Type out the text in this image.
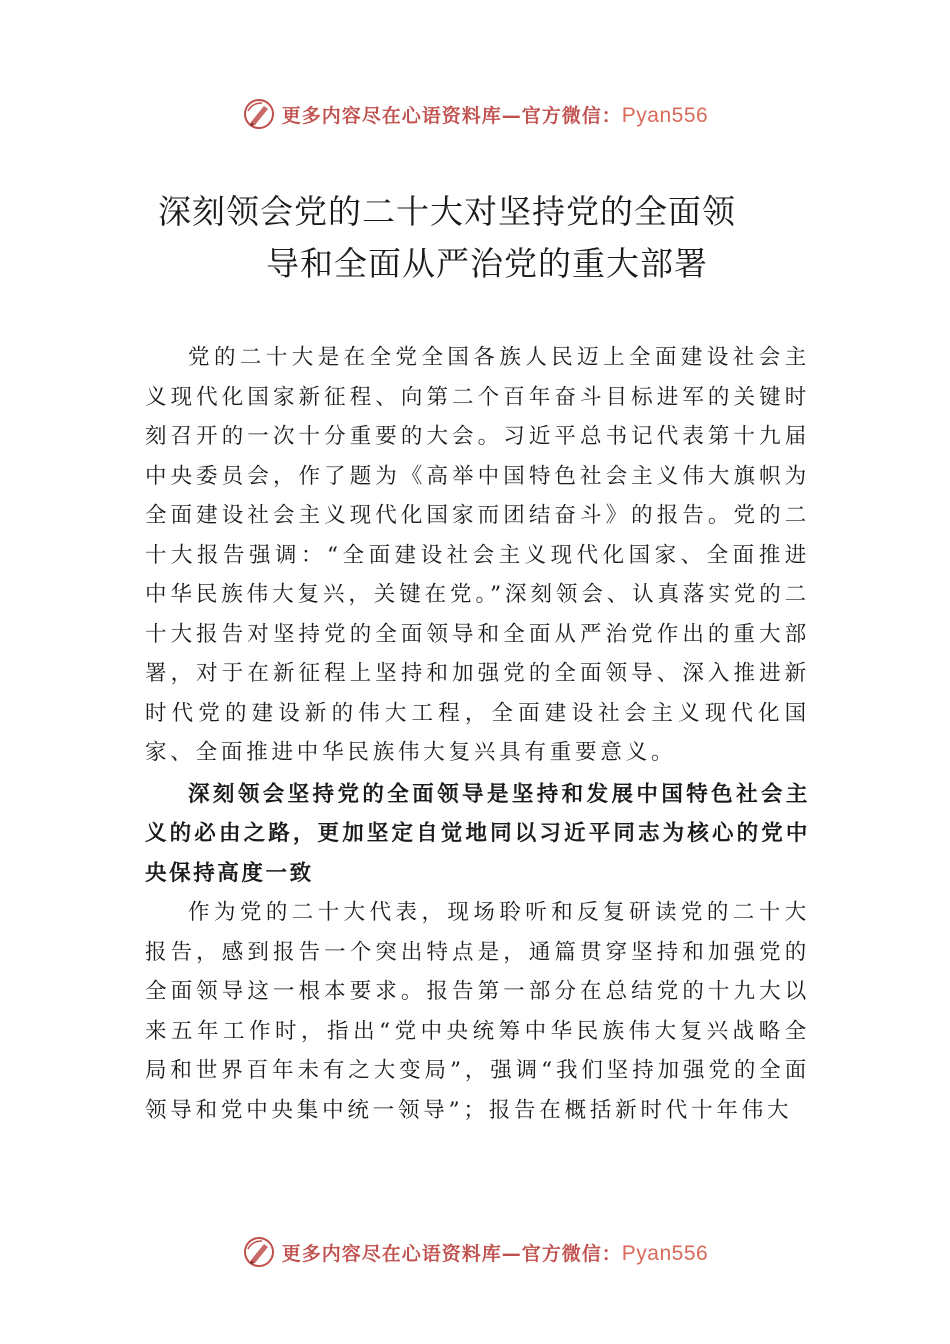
更多内容尽在心语资料库—官方微信：Pyan556
深刻领会党的二十大对坚持党的全面领
导和全面从严治党的重大部署

党的二十大是在全党全国各族人民迈上全面建设社会主义现代化国家新征程、向第二个百年奋斗目标进军的关键时刻召开的一次十分重要的大会。习近平总书记代表第十九届中央委员会，作了题为《高举中国特色社会主义伟大旗帜为全面建设社会主义现代化国家而团结奋斗》的报告。党的二十大报告强调：“全面建设社会主义现代化国家、全面推进中华民族伟大复兴，关键在党。”深刻领会、认真落实党的二十大报告对坚持党的全面领导和全面从严治党作出的重大部署，对于在新征程上坚持和加强党的全面领导、深入推进新时代党的建设新的伟大工程，全面建设社会主义现代化国家、全面推进中华民族伟大复兴具有重要意义。

深刻领会坚持党的全面领导是坚持和发展中国特色社会主义的必由之路，更加坚定自觉地同以习近平同志为核心的党中央保持高度一致

作为党的二十大代表，现场聆听和反复研读党的二十大报告，感到报告一个突出特点是，通篇贯穿坚持和加强党的全面领导这一根本要求。报告第一部分在总结党的十九大以来五年工作时，指出“党中央统筹中华民族伟大复兴战略全局和世界百年未有之大变局”，强调“我们坚持加强党的全面领导和党中央集中统一领导”；报告在概括新时代十年伟大

更多内容尽在心语资料库—官方微信：Pyan556
